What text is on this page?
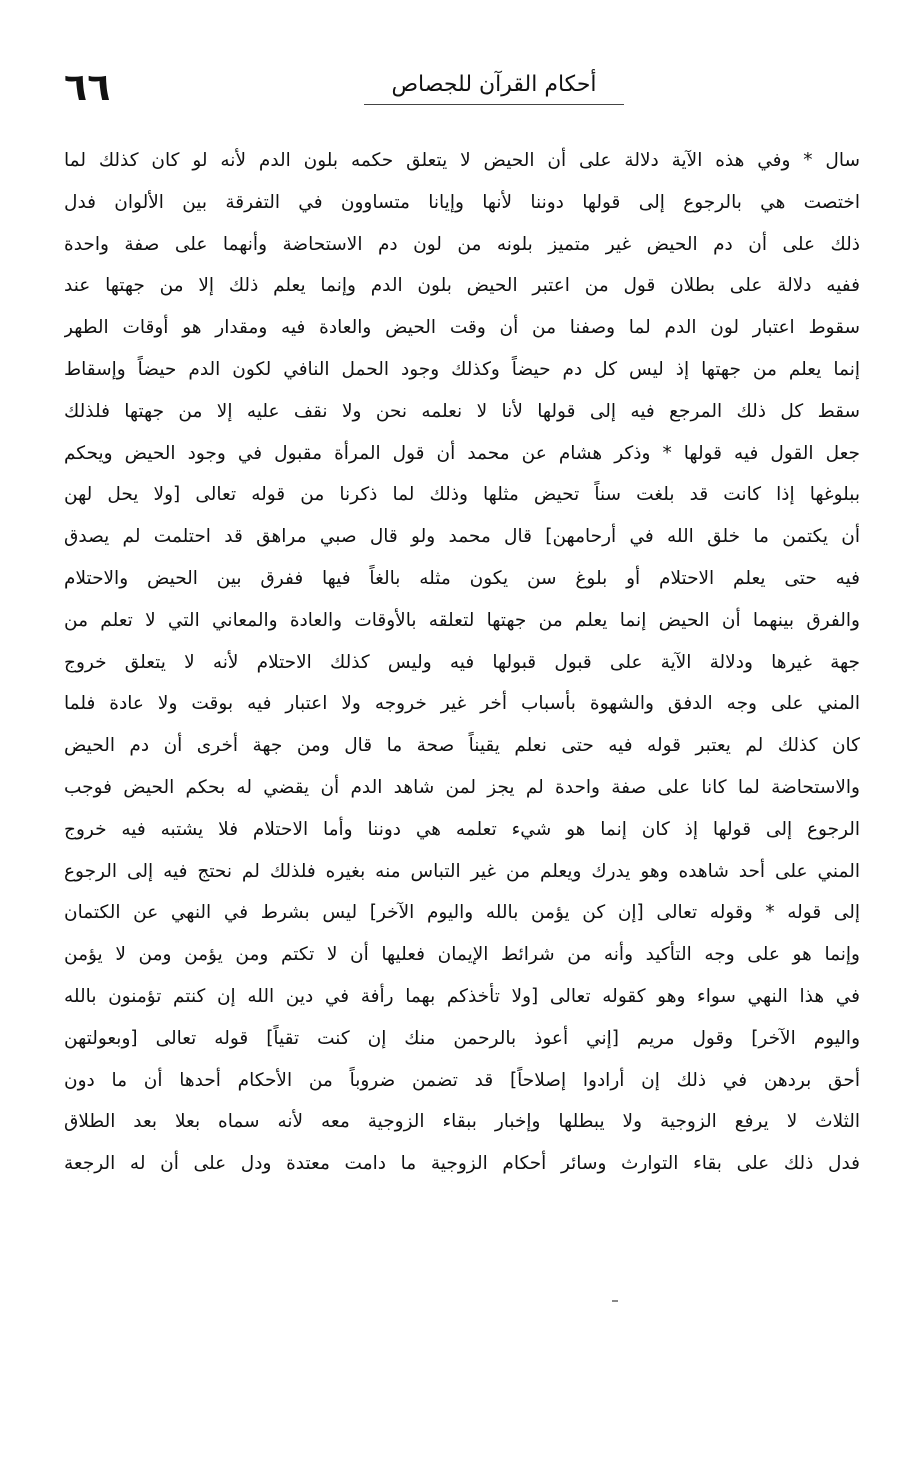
٦٦	أحكام القرآن للجصاص
سال * وفي هذه الآية دلالة على أن الحيض لا يتعلق حكمه بلون الدم لأنه لو كان كذلك لما
اختصت هي بالرجوع إلى قولها دوننا لأنها وإيانا متساوون في التفرقة بين الألوان فدل
ذلك على أن دم الحيض غير متميز بلونه من لون دم الاستحاضة وأنهما على صفة واحدة
ففيه دلالة على بطلان قول من اعتبر الحيض بلون الدم وإنما يعلم ذلك إلا من جهتها عند
سقوط اعتبار لون الدم لما وصفنا من أن وقت الحيض والعادة فيه ومقدار هو أوقات الطهر
إنما يعلم من جهتها إذ ليس كل دم حيضاً وكذلك وجود الحمل النافي لكون الدم حيضاً وإسقاط
سقط كل ذلك المرجع فيه إلى قولها لأنا لا نعلمه نحن ولا نقف عليه إلا من جهتها فلذلك
جعل القول فيه قولها * وذكر هشام عن محمد أن قول المرأة مقبول في وجود الحيض ويحكم
ببلوغها إذا كانت قد بلغت سناً تحيض مثلها وذلك لما ذكرنا من قوله تعالى [ولا يحل لهن
أن يكتمن ما خلق الله في أرحامهن] قال محمد ولو قال صبي مراهق قد احتلمت لم يصدق
فيه حتى يعلم الاحتلام أو بلوغ سن يكون مثله بالغاً فيها ففرق بين الحيض والاحتلام
والفرق بينهما أن الحيض إنما يعلم من جهتها لتعلقه بالأوقات والعادة والمعاني التي لا تعلم من
جهة غيرها ودلالة الآية على قبول قبولها فيه وليس كذلك الاحتلام لأنه لا يتعلق خروج
المني على وجه الدفق والشهوة بأسباب أخر غير خروجه ولا اعتبار فيه بوقت ولا عادة فلما
كان كذلك لم يعتبر قوله فيه حتى نعلم يقيناً صحة ما قال ومن جهة أخرى أن دم الحيض
والاستحاضة لما كانا على صفة واحدة لم يجز لمن شاهد الدم أن يقضي له بحكم الحيض فوجب
الرجوع إلى قولها إذ كان إنما هو شيء تعلمه هي دوننا وأما الاحتلام فلا يشتبه فيه خروج
المني على أحد شاهده وهو يدرك ويعلم من غير التباس منه بغيره فلذلك لم نحتج فيه إلى الرجوع
إلى قوله * وقوله تعالى [إن كن يؤمن بالله واليوم الآخر] ليس بشرط في النهي عن الكتمان
وإنما هو على وجه التأكيد وأنه من شرائط الإيمان فعليها أن لا تكتم ومن يؤمن ومن لا يؤمن
في هذا النهي سواء وهو كقوله تعالى [ولا تأخذكم بهما رأفة في دين الله إن كنتم تؤمنون بالله
واليوم الآخر] وقول مريم [إني أعوذ بالرحمن منك إن كنت تقياً] قوله تعالى [وبعولتهن
أحق بردهن في ذلك إن أرادوا إصلاحاً] قد تضمن ضروباً من الأحكام أحدها أن ما دون
الثلاث لا يرفع الزوجية ولا يبطلها وإخبار ببقاء الزوجية معه لأنه سماه بعلا بعد الطلاق
فدل ذلك على بقاء التوارث وسائر أحكام الزوجية ما دامت معتدة ودل على أن له الرجعة
